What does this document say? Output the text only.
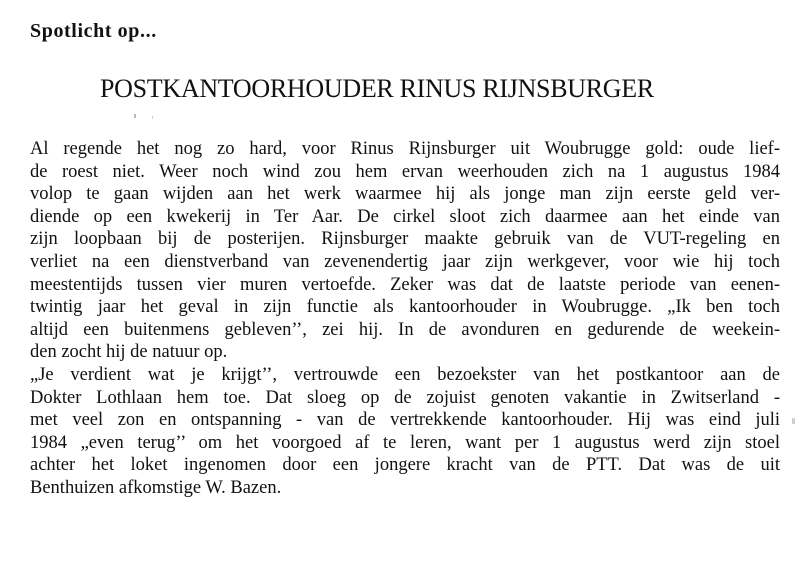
Spotlicht op...
POSTKANTOORHOUDER RINUS RIJNSBURGER
Al regende het nog zo hard, voor Rinus Rijnsburger uit Woubrugge gold: oude lief-
de roest niet. Weer noch wind zou hem ervan weerhouden zich na 1 augustus 1984
volop te gaan wijden aan het werk waarmee hij als jonge man zijn eerste geld ver-
diende op een kwekerij in Ter Aar. De cirkel sloot zich daarmee aan het einde van
zijn loopbaan bij de posterijen. Rijnsburger maakte gebruik van de VUT-regeling en
verliet na een dienstverband van zevenendertig jaar zijn werkgever, voor wie hij toch
meestentijds tussen vier muren vertoefde. Zeker was dat de laatste periode van eenen-
twintig jaar het geval in zijn functie als kantoorhouder in Woubrugge. „Ik ben toch
altijd een buitenmens gebleven’’, zei hij. In de avonduren en gedurende de weekein-
den zocht hij de natuur op.
„Je verdient wat je krijgt’’, vertrouwde een bezoekster van het postkantoor aan de
Dokter Lothlaan hem toe. Dat sloeg op de zojuist genoten vakantie in Zwitserland -
met veel zon en ontspanning - van de vertrekkende kantoorhouder. Hij was eind juli
1984 „even terug’’ om het voorgoed af te leren, want per 1 augustus werd zijn stoel
achter het loket ingenomen door een jongere kracht van de PTT. Dat was de uit
Benthuizen afkomstige W. Bazen.
